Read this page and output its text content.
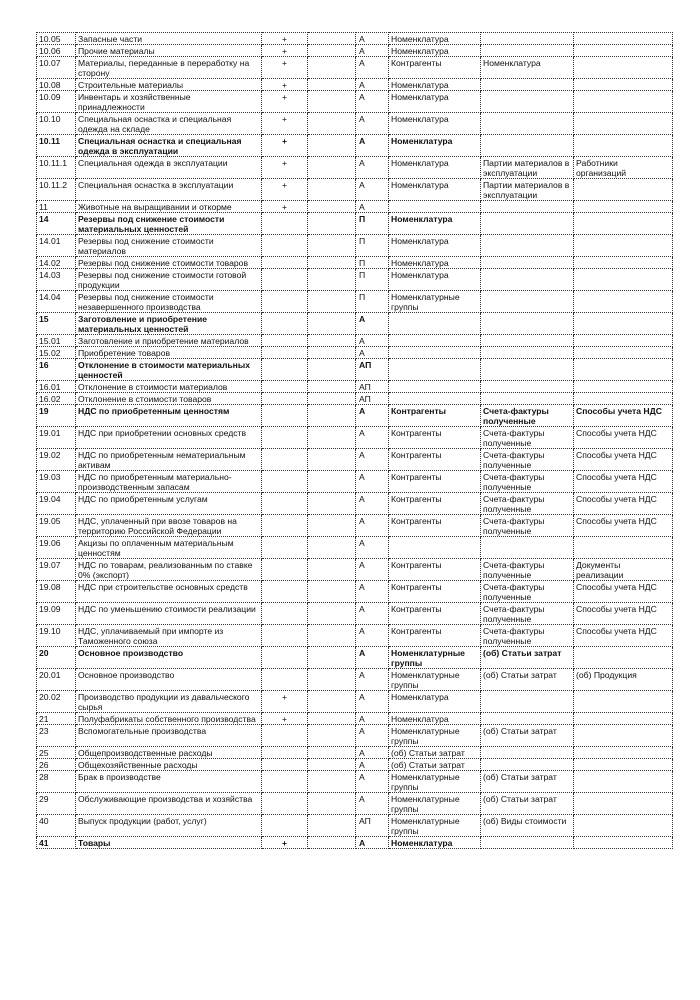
10.05	Запасные части	+		А	Номенклатура		
10.06	Прочие материалы	+		А	Номенклатура		
10.07	Материалы, переданные в переработку на сторону	+		А	Контрагенты	Номенклатура	
10.08	Строительные материалы	+		А	Номенклатура		
10.09	Инвентарь и хозяйственные принадлежности	+		А	Номенклатура		
10.10	Специальная оснастка и специальная одежда на складе	+		А	Номенклатура		
10.11	Специальная оснастка и специальная одежда в эксплуатации	+		А	Номенклатура		
10.11.1	Специальная одежда в эксплуатации	+		А	Номенклатура	Партии материалов в эксплуатации	Работники организаций
10.11.2	Специальная оснастка в эксплуатации	+		А	Номенклатура	Партии материалов в эксплуатации	
11	Животные на выращивании и откорме	+		А			
14	Резервы под снижение стоимости материальных ценностей			П	Номенклатура		
14.01	Резервы под снижение стоимости материалов			П	Номенклатура		
14.02	Резервы под снижение стоимости товаров			П	Номенклатура		
14.03	Резервы под снижение стоимости готовой продукции			П	Номенклатура		
14.04	Резервы под снижение стоимости незавершенного производства			П	Номенклатурные группы		
15	Заготовление и приобретение материальных ценностей			А			
15.01	Заготовление и приобретение материалов			А			
15.02	Приобретение товаров			А			
16	Отклонение в стоимости материальных ценностей			АП			
16.01	Отклонение в стоимости материалов			АП			
16.02	Отклонение в стоимости товаров			АП			
19	НДС по приобретенным ценностям			А	Контрагенты	Счета-фактуры полученные	Способы учета НДС
19.01	НДС при приобретении основных средств			А	Контрагенты	Счета-фактуры полученные	Способы учета НДС
19.02	НДС по приобретенным нематериальным активам			А	Контрагенты	Счета-фактуры полученные	Способы учета НДС
19.03	НДС по приобретенным материально-производственным запасам			А	Контрагенты	Счета-фактуры полученные	Способы учета НДС
19.04	НДС по приобретенным услугам			А	Контрагенты	Счета-фактуры полученные	Способы учета НДС
19.05	НДС, уплаченный при ввозе товаров на территорию Российской Федерации			А	Контрагенты	Счета-фактуры полученные	Способы учета НДС
19.06	Акцизы по оплаченным материальным ценностям			А			
19.07	НДС по товарам, реализованным по ставке 0% (экспорт)			А	Контрагенты	Счета-фактуры полученные	Документы реализации
19.08	НДС при строительстве основных средств			А	Контрагенты	Счета-фактуры полученные	Способы учета НДС
19.09	НДС по уменьшению стоимости реализации			А	Контрагенты	Счета-фактуры полученные	Способы учета НДС
19.10	НДС, уплачиваемый при импорте из Таможенного союза			А	Контрагенты	Счета-фактуры полученные	Способы учета НДС
20	Основное производство			А	Номенклатурные группы	(об) Статьи затрат	
20.01	Основное производство			А	Номенклатурные группы	(об) Статьи затрат	(об) Продукция
20.02	Производство продукции из давальческого сырья	+		А	Номенклатура		
21	Полуфабрикаты собственного производства	+		А	Номенклатура		
23	Вспомогательные производства			А	Номенклатурные группы	(об) Статьи затрат	
25	Общепроизводственные расходы			А	(об) Статьи затрат		
26	Общехозяйственные расходы			А	(об) Статьи затрат		
28	Брак в производстве			А	Номенклатурные группы	(об) Статьи затрат	
29	Обслуживающие производства и хозяйства			А	Номенклатурные группы	(об) Статьи затрат	
40	Выпуск продукции (работ, услуг)			АП	Номенклатурные группы	(об) Виды стоимости	
41	Товары	+		А	Номенклатура		
